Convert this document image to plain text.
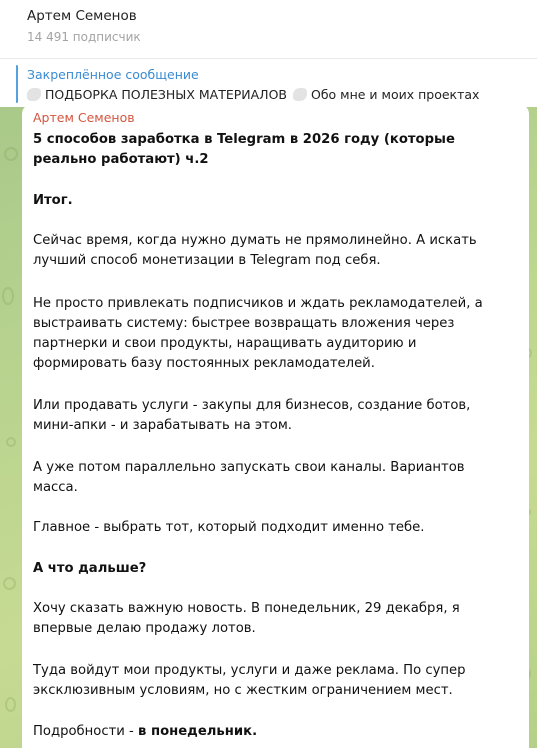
Артем Семенов
14 491 подписчик
Закреплённое сообщение
ПОДБОРКА ПОЛЕЗНЫХ МАТЕРИАЛОВ Обо мне и моих проектах
Артем Семенов
5 способов заработка в Telegram в 2026 году (которые
реально работают) ч.2
Итог.
Сейчас время, когда нужно думать не прямолинейно. А искать
лучший способ монетизации в Telegram под себя.
Не просто привлекать подписчиков и ждать рекламодателей, а
выстраивать систему: быстрее возвращать вложения через
партнерки и свои продукты, наращивать аудиторию и
формировать базу постоянных рекламодателей.
Или продавать услуги - закупы для бизнесов, создание ботов,
мини-апки - и зарабатывать на этом.
А уже потом параллельно запускать свои каналы. Вариантов
масса.
Главное - выбрать тот, который подходит именно тебе.
А что дальше?
Хочу сказать важную новость. В понедельник, 29 декабря, я
впервые делаю продажу лотов.
Туда войдут мои продукты, услуги и даже реклама. По супер
эксклюзивным условиям, но с жестким ограничением мест.
Подробности - в понедельник.
